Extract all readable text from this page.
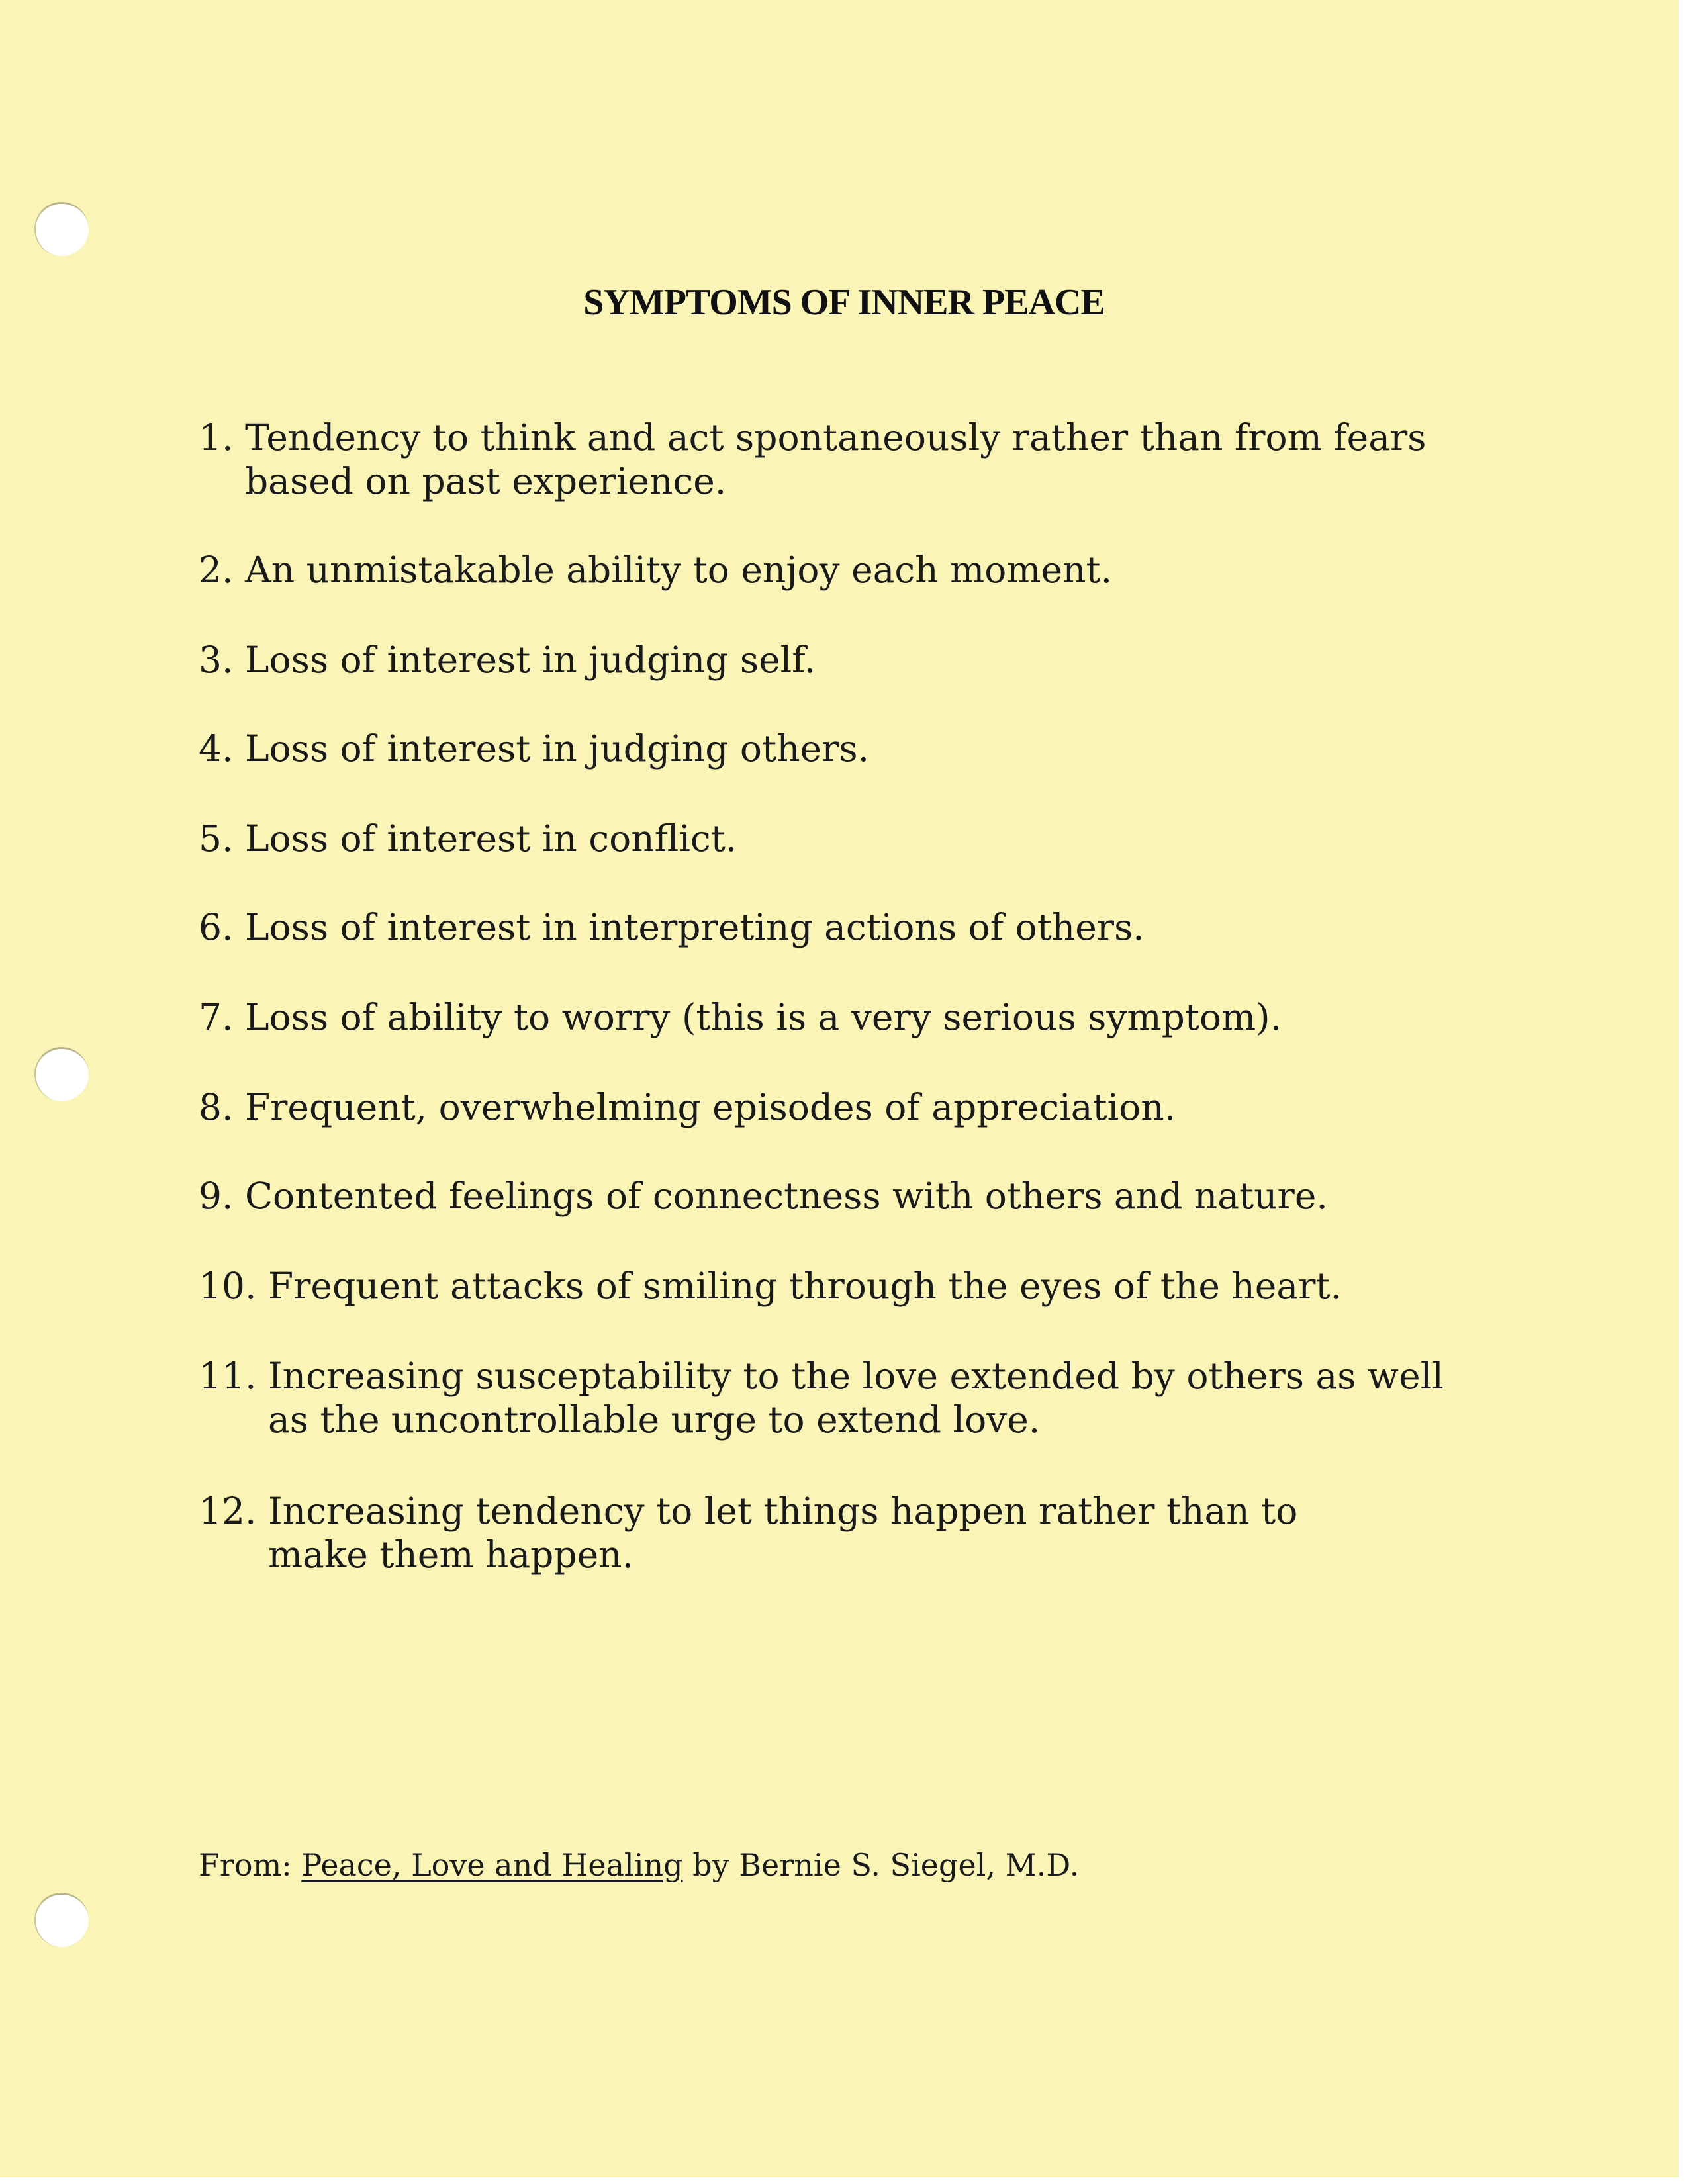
SYMPTOMS OF INNER PEACE
1.
Tendency to think and act spontaneously rather than from fears based on past experience.
2.
An unmistakable ability to enjoy each moment.
3.
Loss of interest in judging self.
4.
Loss of interest in judging others.
5.
Loss of interest in conflict.
6.
Loss of interest in interpreting actions of others.
7.
Loss of ability to worry (this is a very serious symptom).
8.
Frequent, overwhelming episodes of appreciation.
9.
Contented feelings of connectness with others and nature.
10.
Frequent attacks of smiling through the eyes of the heart.
11.
Increasing susceptability to the love extended by others as well as the uncontrollable urge to extend love.
12.
Increasing tendency to let things happen rather than to make them happen.
From: Peace, Love and Healing by Bernie S. Siegel, M.D.
